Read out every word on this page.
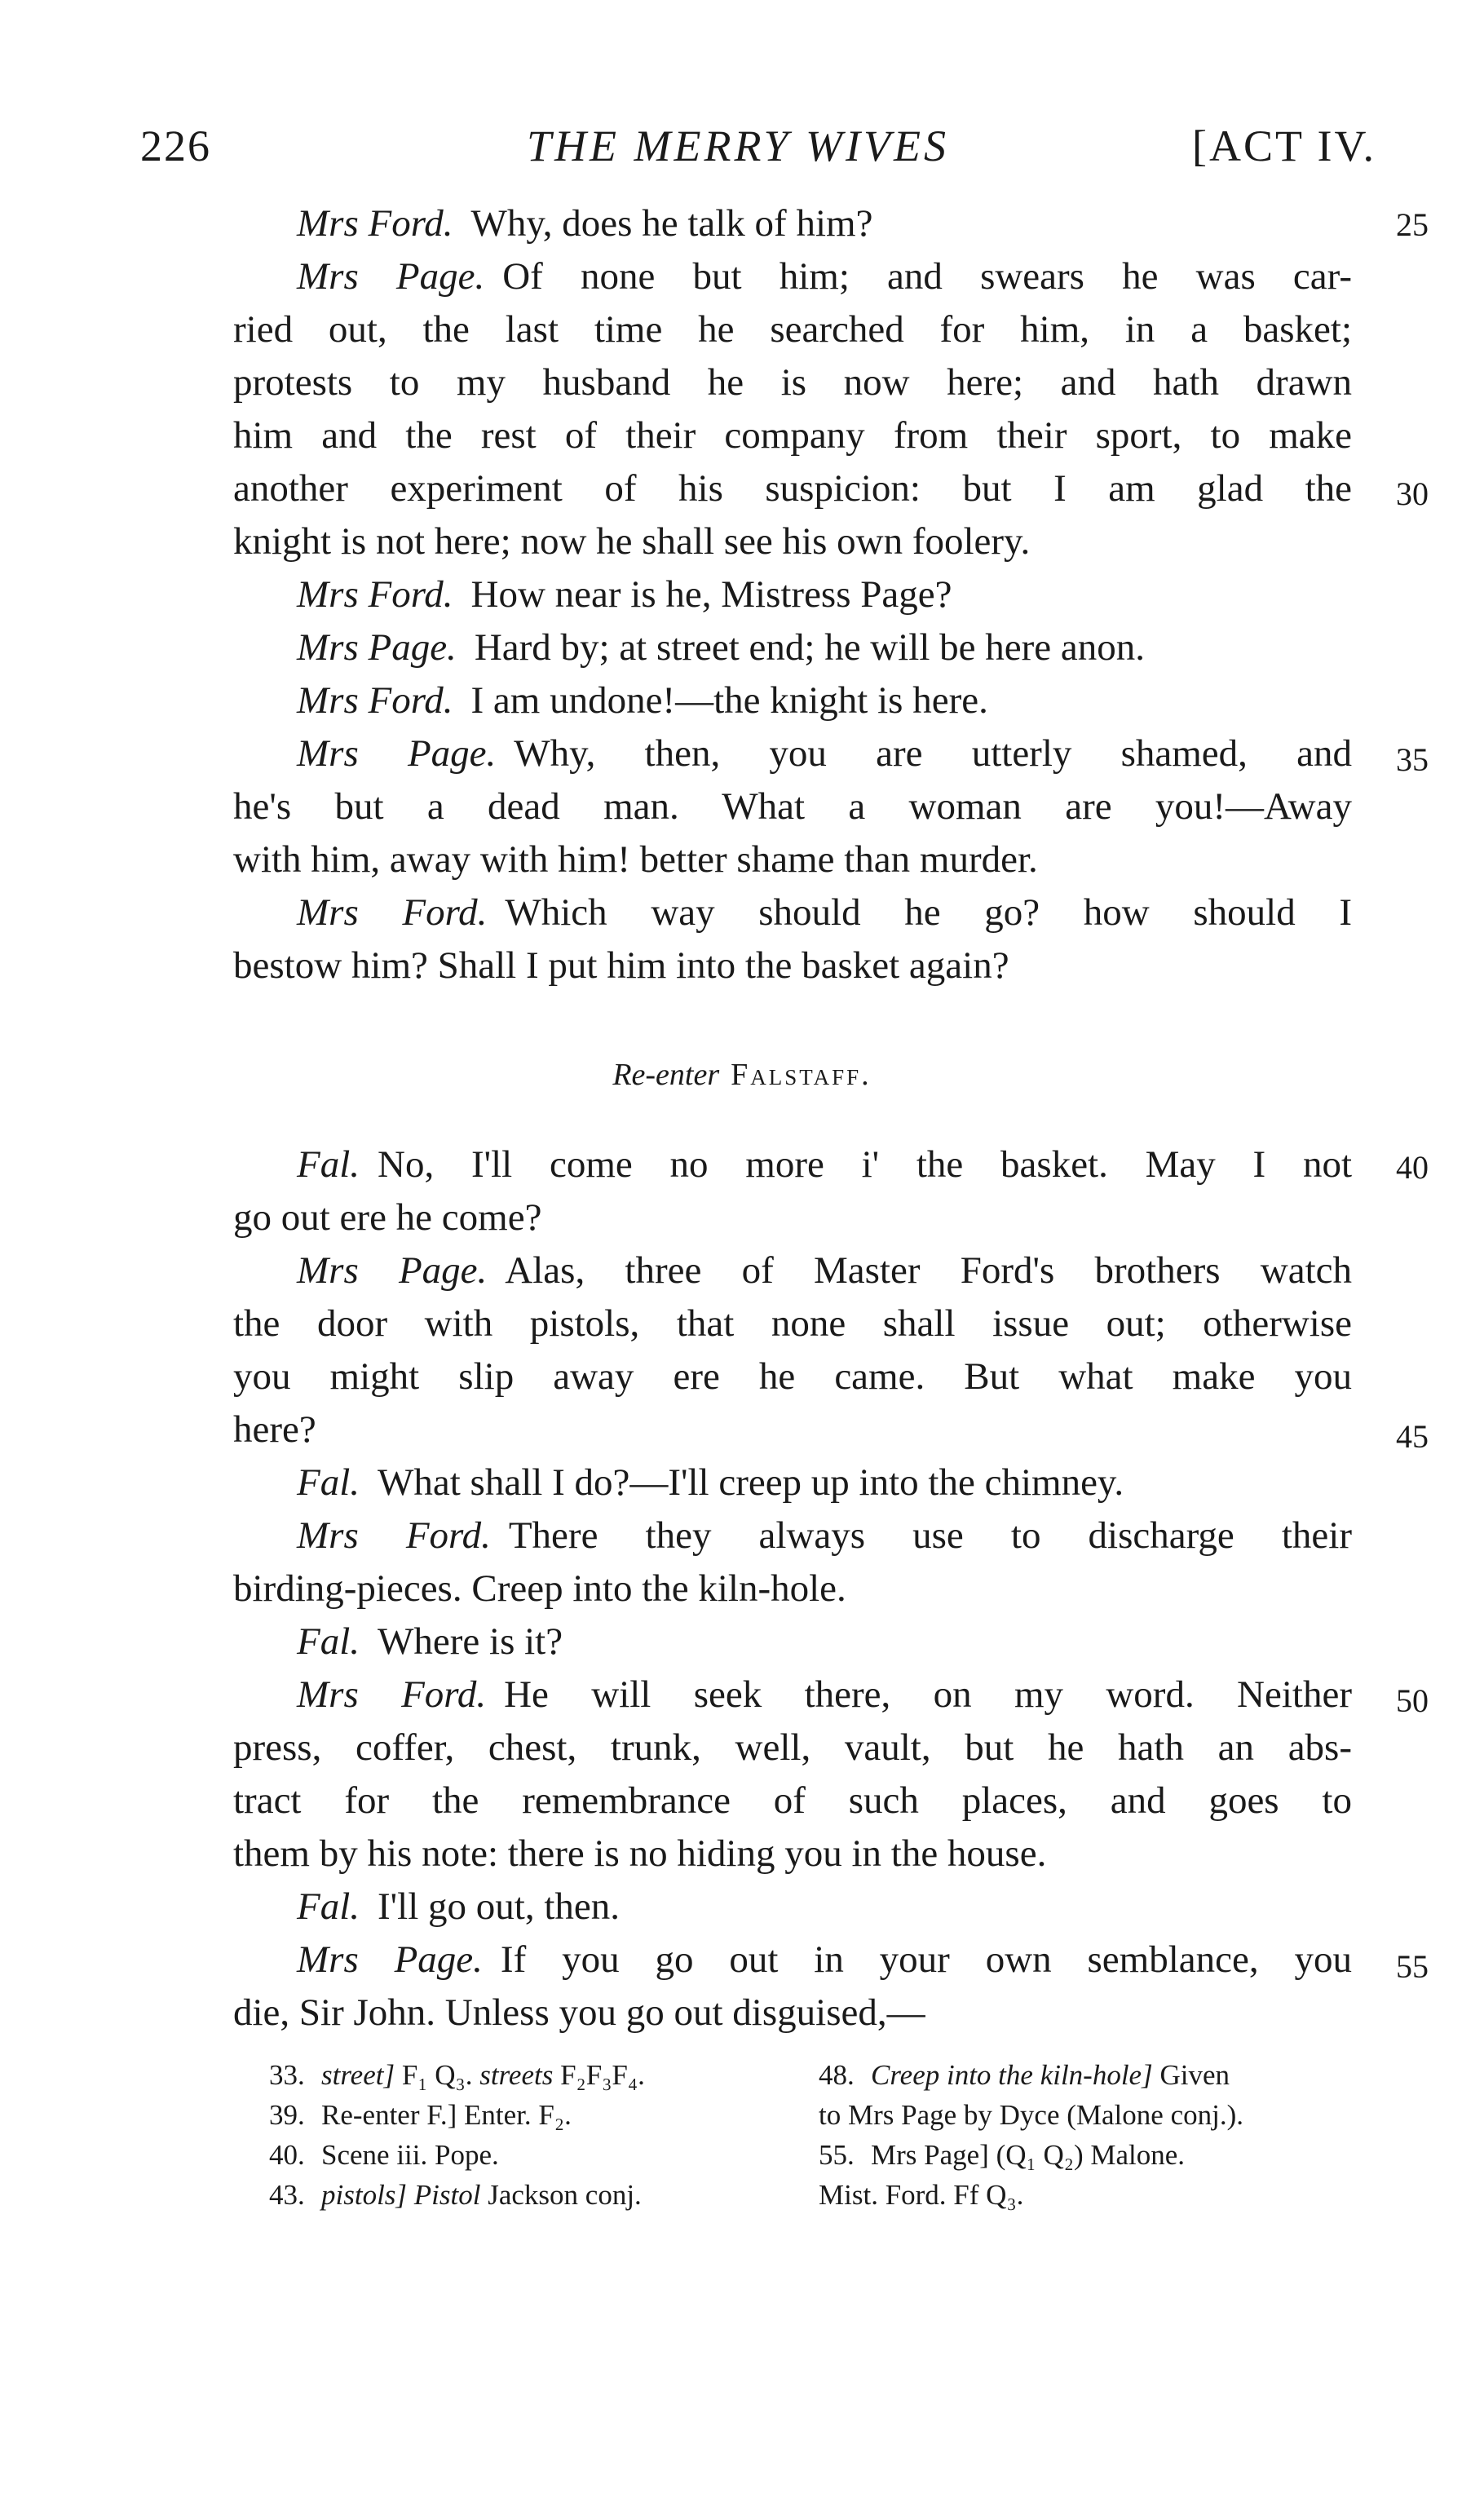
226	THE MERRY WIVES	[ACT IV.
Mrs Ford. Why, does he talk of him?
Mrs Page. Of none but him; and swears he was car-
ried out, the last time he searched for him, in a basket;
protests to my husband he is now here; and hath drawn
him and the rest of their company from their sport, to make
another experiment of his suspicion: but I am glad the
knight is not here; now he shall see his own foolery.
Mrs Ford. How near is he, Mistress Page?
Mrs Page. Hard by; at street end; he will be here anon.
Mrs Ford. I am undone!—the knight is here.
Mrs Page. Why, then, you are utterly shamed, and
he's but a dead man. What a woman are you!—Away
with him, away with him! better shame than murder.
Mrs Ford. Which way should he go? how should I
bestow him? Shall I put him into the basket again?
Re-enter Falstaff.
Fal. No, I'll come no more i' the basket. May I not
go out ere he come?
Mrs Page. Alas, three of Master Ford's brothers watch
the door with pistols, that none shall issue out; otherwise
you might slip away ere he came. But what make you
here?
Fal. What shall I do?—I'll creep up into the chimney.
Mrs Ford. There they always use to discharge their
birding-pieces. Creep into the kiln-hole.
Fal. Where is it?
Mrs Ford. He will seek there, on my word. Neither
press, coffer, chest, trunk, well, vault, but he hath an abs-
tract for the remembrance of such places, and goes to
them by his note: there is no hiding you in the house.
Fal. I'll go out, then.
Mrs Page. If you go out in your own semblance, you
die, Sir John. Unless you go out disguised,—
25
30
35
40
45
50
55
33. street] F₁ Q₃. streets F₂F₃F₄.
39. Re-enter F.] Enter. F₂.
40. Scene iii. Pope.
43. pistols] Pistol Jackson conj.
48. Creep into the kiln-hole] Given
to Mrs Page by Dyce (Malone conj.).
55. Mrs Page] (Q₁ Q₂) Malone.
Mist. Ford. Ff Q₃.
